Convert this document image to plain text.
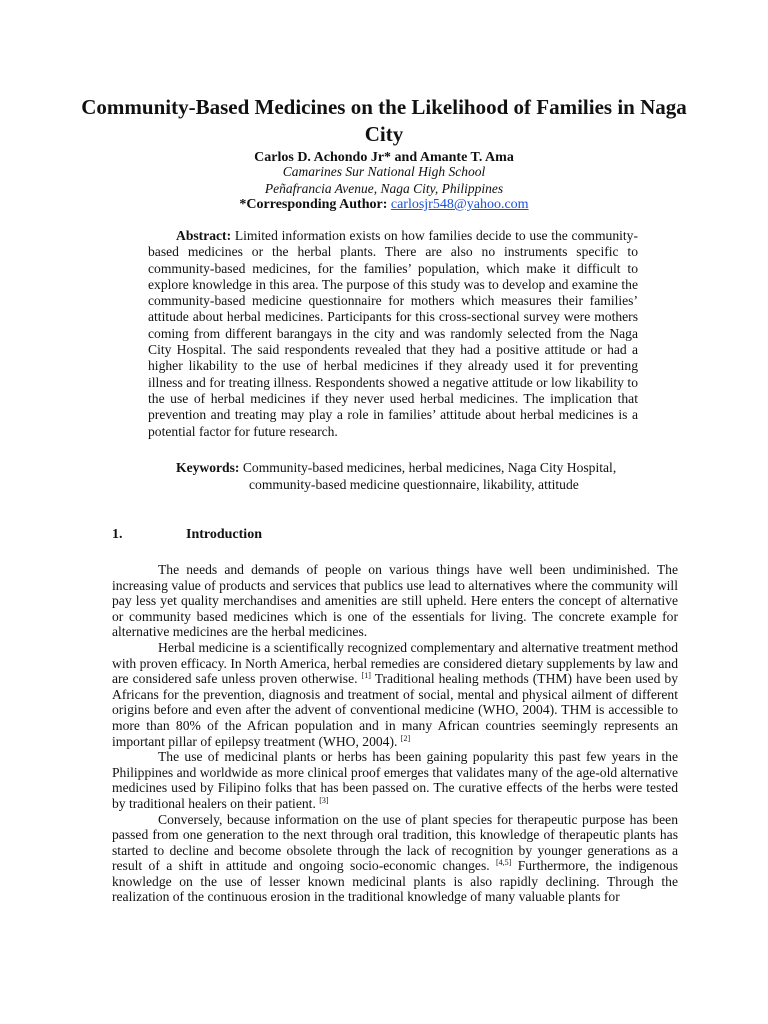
Community-Based Medicines on the Likelihood of Families in Naga City
Carlos D. Achondo Jr* and Amante T. Ama
Camarines Sur National High School
Peñafrancia Avenue, Naga City, Philippines
*Corresponding Author: carlosjr548@yahoo.com

Abstract: Limited information exists on how families decide to use the community-based medicines or the herbal plants. There are also no instruments specific to community-based medicines, for the families’ population, which make it difficult to explore knowledge in this area. The purpose of this study was to develop and examine the community-based medicine questionnaire for mothers which measures their families’ attitude about herbal medicines. Participants for this cross-sectional survey were mothers coming from different barangays in the city and was randomly selected from the Naga City Hospital. The said respondents revealed that they had a positive attitude or had a higher likability to the use of herbal medicines if they already used it for preventing illness and for treating illness. Respondents showed a negative attitude or low likability to the use of herbal medicines if they never used herbal medicines. The implication that prevention and treating may play a role in families’ attitude about herbal medicines is a potential factor for future research.

Keywords: Community-based medicines, herbal medicines, Naga City Hospital,
community-based medicine questionnaire, likability, attitude
1.	Introduction

The needs and demands of people on various things have well been undiminished. The increasing value of products and services that publics use lead to alternatives where the community will pay less yet quality merchandises and amenities are still upheld. Here enters the concept of alternative or community based medicines which is one of the essentials for living. The concrete example for alternative medicines are the herbal medicines.

Herbal medicine is a scientifically recognized complementary and alternative treatment method with proven efficacy. In North America, herbal remedies are considered dietary supplements by law and are considered safe unless proven otherwise. [1] Traditional healing methods (THM) have been used by Africans for the prevention, diagnosis and treatment of social, mental and physical ailment of different origins before and even after the advent of conventional medicine (WHO, 2004). THM is accessible to more than 80% of the African population and in many African countries seemingly represents an important pillar of epilepsy treatment (WHO, 2004). [2]

The use of medicinal plants or herbs has been gaining popularity this past few years in the Philippines and worldwide as more clinical proof emerges that validates many of the age-old alternative medicines used by Filipino folks that has been passed on. The curative effects of the herbs were tested by traditional healers on their patient. [3]

Conversely, because information on the use of plant species for therapeutic purpose has been passed from one generation to the next through oral tradition, this knowledge of therapeutic plants has started to decline and become obsolete through the lack of recognition by younger generations as a result of a shift in attitude and ongoing socio-economic changes. [4,5] Furthermore, the indigenous knowledge on the use of lesser known medicinal plants is also rapidly declining. Through the realization of the continuous erosion in the traditional knowledge of many valuable plants for
